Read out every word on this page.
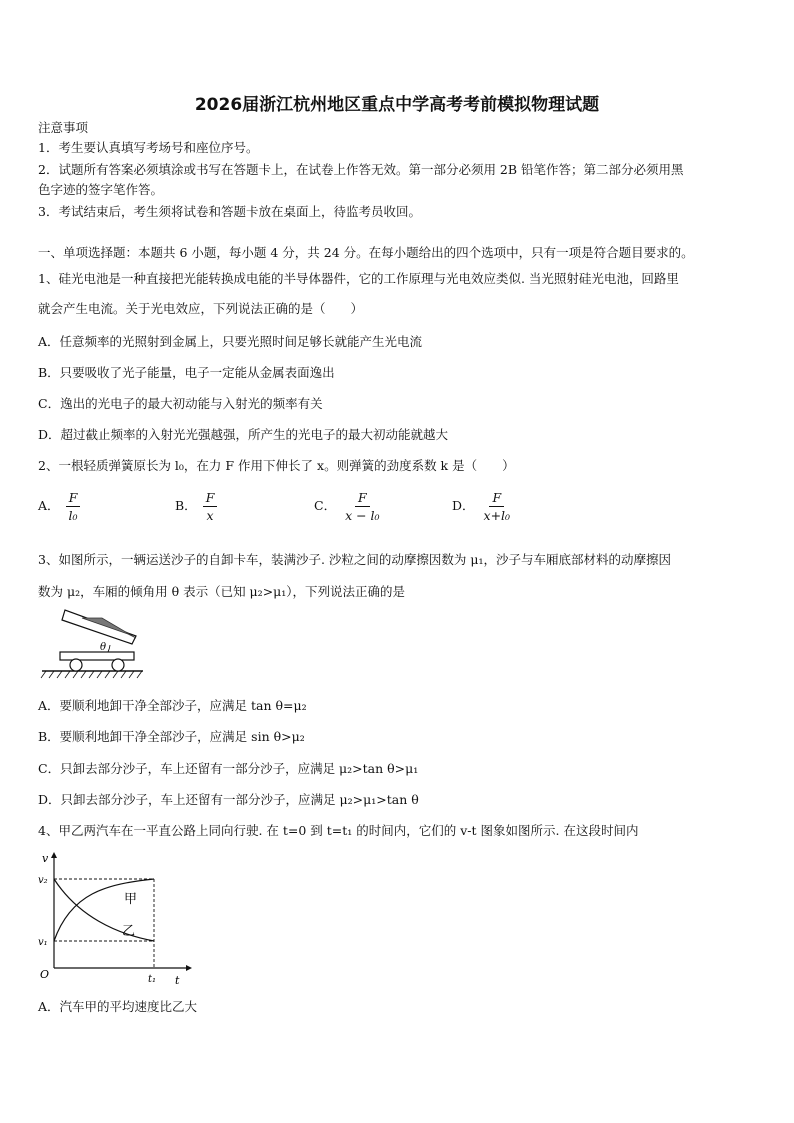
2026届浙江杭州地区重点中学高考考前模拟物理试题
注意事项
1．考生要认真填写考场号和座位序号。
2．试题所有答案必须填涂或书写在答题卡上，在试卷上作答无效。第一部分必须用 2B 铅笔作答；第二部分必须用黑
色字迹的签字笔作答。
3．考试结束后，考生须将试卷和答题卡放在桌面上，待监考员收回。
一、单项选择题：本题共 6 小题，每小题 4 分，共 24 分。在每小题给出的四个选项中，只有一项是符合题目要求的。
1、硅光电池是一种直接把光能转换成电能的半导体器件，它的工作原理与光电效应类似. 当光照射硅光电池，回路里
就会产生电流。关于光电效应，下列说法正确的是（　　）
A．任意频率的光照射到金属上，只要光照时间足够长就能产生光电流
B．只要吸收了光子能量，电子一定能从金属表面逸出
C．逸出的光电子的最大初动能与入射光的频率有关
D．超过截止频率的入射光光强越强，所产生的光电子的最大初动能就越大
2、一根轻质弹簧原长为 l₀，在力 F 作用下伸长了 x。则弹簧的劲度系数 k 是（　　）
A． $\frac{F}{\text{l₀}}$	B． $\frac{F}{x}$	C． $\frac{F}{\text{x − l₀}}$	D． $\frac{F}{\text{x+l₀}}$
3、如图所示，一辆运送沙子的自卸卡车，装满沙子. 沙粒之间的动摩擦因数为 μ₁，沙子与车厢底部材料的动摩擦因
数为 μ₂，车厢的倾角用 θ 表示（已知 μ₂>μ₁），下列说法正确的是
θ
A．要顺利地卸干净全部沙子，应满足 tan θ=μ₂
B．要顺利地卸干净全部沙子，应满足 sin θ>μ₂
C．只卸去部分沙子，车上还留有一部分沙子，应满足 μ₂>tan θ>μ₁
D．只卸去部分沙子，车上还留有一部分沙子，应满足 μ₂>μ₁>tan θ
4、甲乙两汽车在一平直公路上同向行驶. 在 t=0 到 t=t₁ 的时间内，它们的 v-t 图象如图所示. 在这段时间内
v
t
O
v₂
v₁
t₁
甲
乙
A．汽车甲的平均速度比乙大
